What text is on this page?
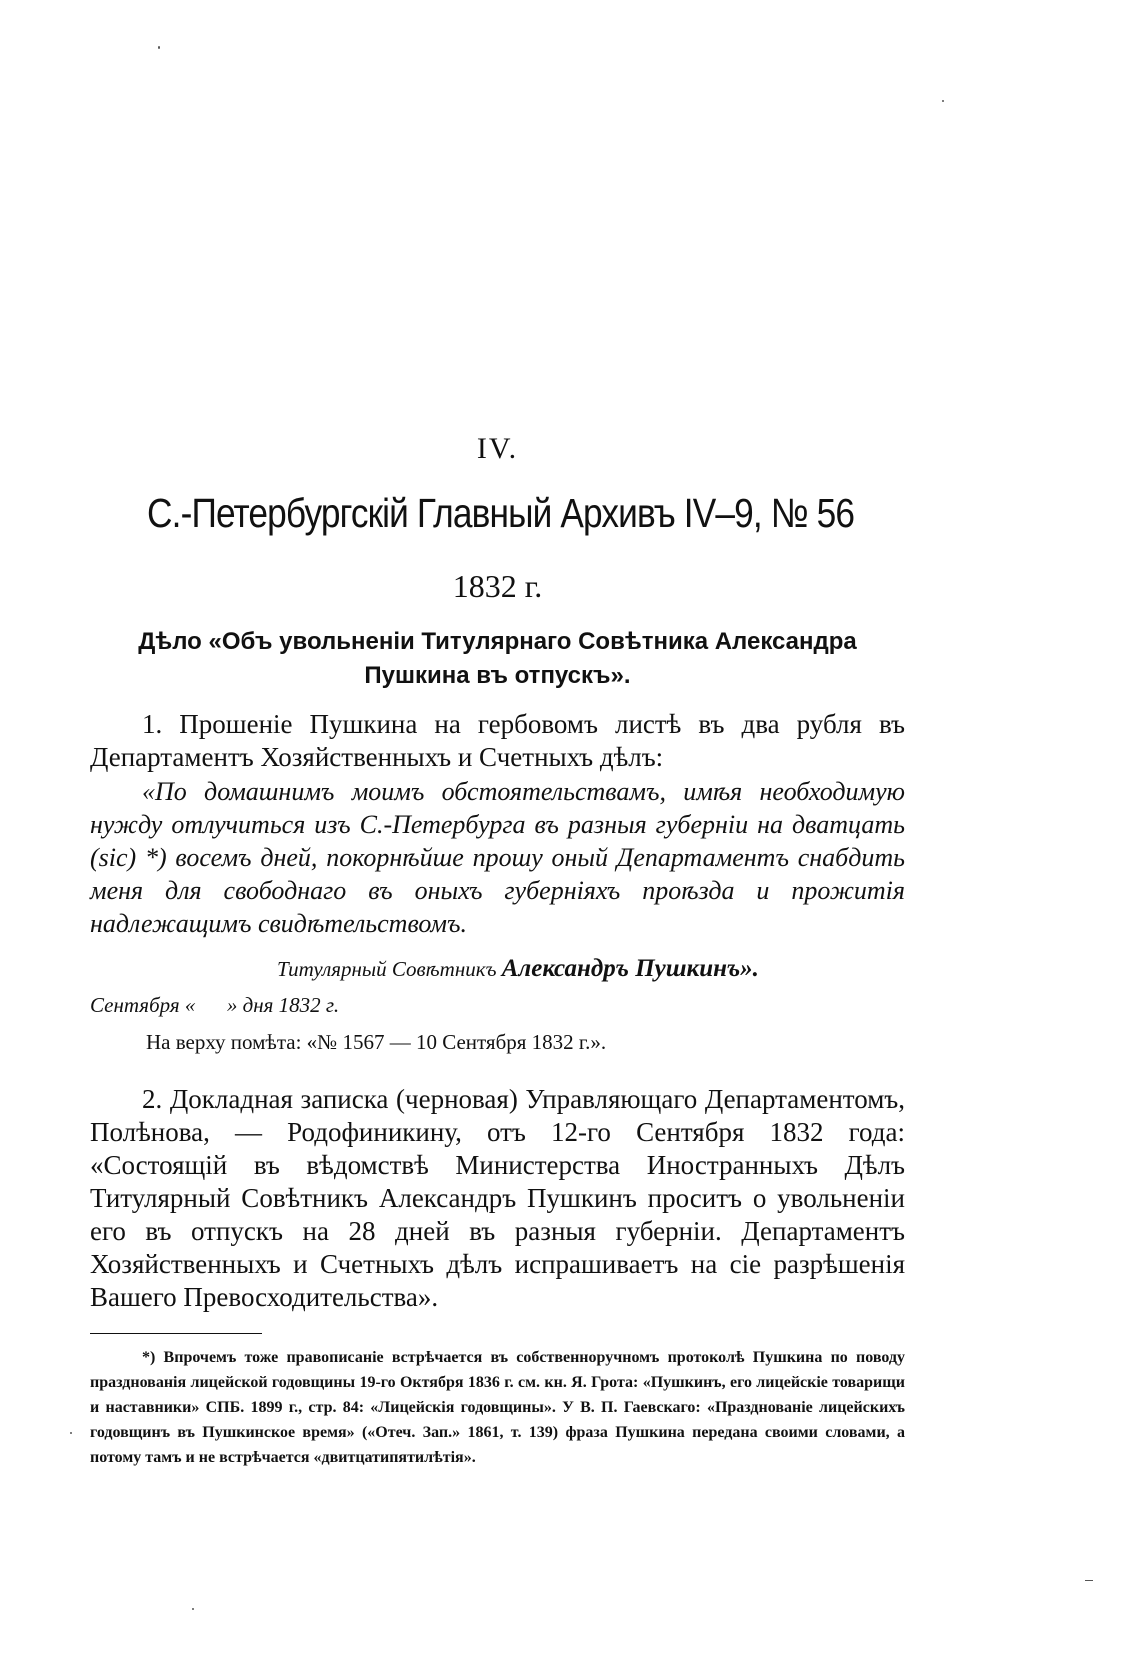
IV.
С.-Петербургскій Главный Архивъ IV–9, № 56
1832 г.
Дѣло «Объ увольненіи Титулярнаго Совѣтника Александра Пушкина въ отпускъ».
1. Прошеніе Пушкина на гербовомъ листѣ въ два рубля въ Департаментъ Хозяйственныхъ и Счетныхъ дѣлъ:
«По домашнимъ моимъ обстоятельствамъ, имѣя необходимую нужду отлучиться изъ С.-Петербурга въ разныя губерніи на дватцать (sic) *) восемъ дней, покорнѣйше прошу оный Департаментъ снабдить меня для свободнаго въ оныхъ губерніяхъ проѣзда и прожитія надлежащимъ свидѣтельствомъ.
Титулярный Совѣтникъ Александръ Пушкинъ».
Сентября «      » дня 1832 г.
На верху помѣта: «№ 1567 — 10 Сентября 1832 г.».
2. Докладная записка (черновая) Управляющаго Департаментомъ, Полѣнова, — Родофиникину, отъ 12-го Сентября 1832 года: «Состоящій въ вѣдомствѣ Министерства Иностранныхъ Дѣлъ Титулярный Совѣтникъ Александръ Пушкинъ проситъ о увольненіи его въ отпускъ на 28 дней въ разныя губерніи. Департаментъ Хозяйственныхъ и Счетныхъ дѣлъ испрашиваетъ на сіе разрѣшенія Вашего Превосходительства».
*) Впрочемъ тоже правописаніе встрѣчается въ собственноручномъ протоколѣ Пушкина по поводу празднованія лицейской годовщины 19-го Октября 1836 г. см. кн. Я. Грота: «Пушкинъ, его лицейскіе товарищи и наставники» СПБ. 1899 г., стр. 84: «Лицейскія годовщины». У В. П. Гаевскаго: «Празднованіе лицейскихъ годовщинъ въ Пушкинское время» («Отеч. Зап.» 1861, т. 139) фраза Пушкина передана своими словами, а потому тамъ и не встрѣчается «двитцатипятилѣтія».
